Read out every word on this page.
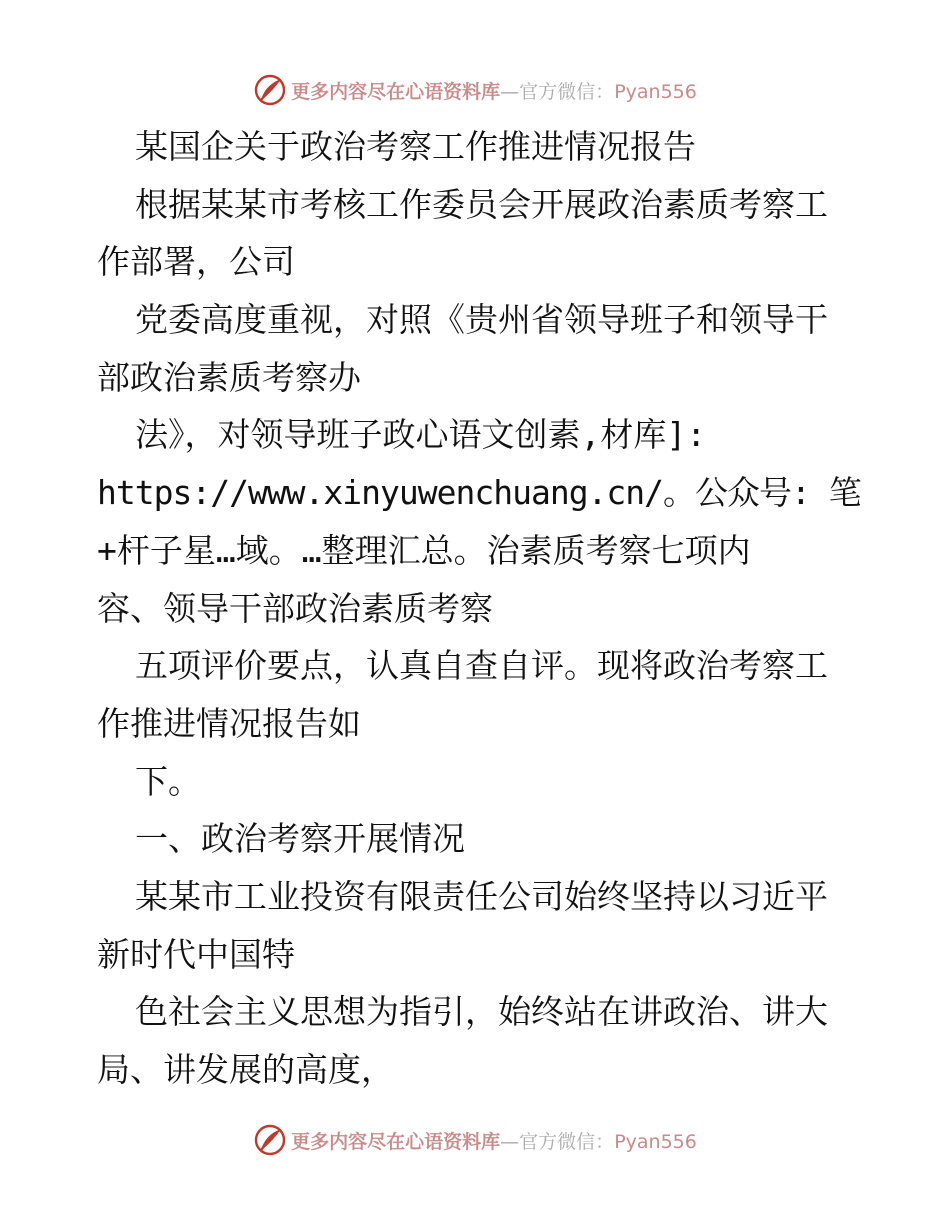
更多内容尽在心语资料库—官方微信：Pyan556
某国企关于政治考察工作推进情况报告
根据某某市考核工作委员会开展政治素质考察工
作部署，公司
党委高度重视，对照《贵州省领导班子和领导干
部政治素质考察办
法》，对领导班子政心语文创素,材库]:
https://www.xinyuwenchuang.cn/。公众号: 笔
+杆子星…域。…整理汇总。治素质考察七项内
容、领导干部政治素质考察
五项评价要点，认真自查自评。现将政治考察工
作推进情况报告如
下。
一、政治考察开展情况
某某市工业投资有限责任公司始终坚持以习近平
新时代中国特
色社会主义思想为指引，始终站在讲政治、讲大
局、讲发展的高度，
更多内容尽在心语资料库—官方微信：Pyan556
